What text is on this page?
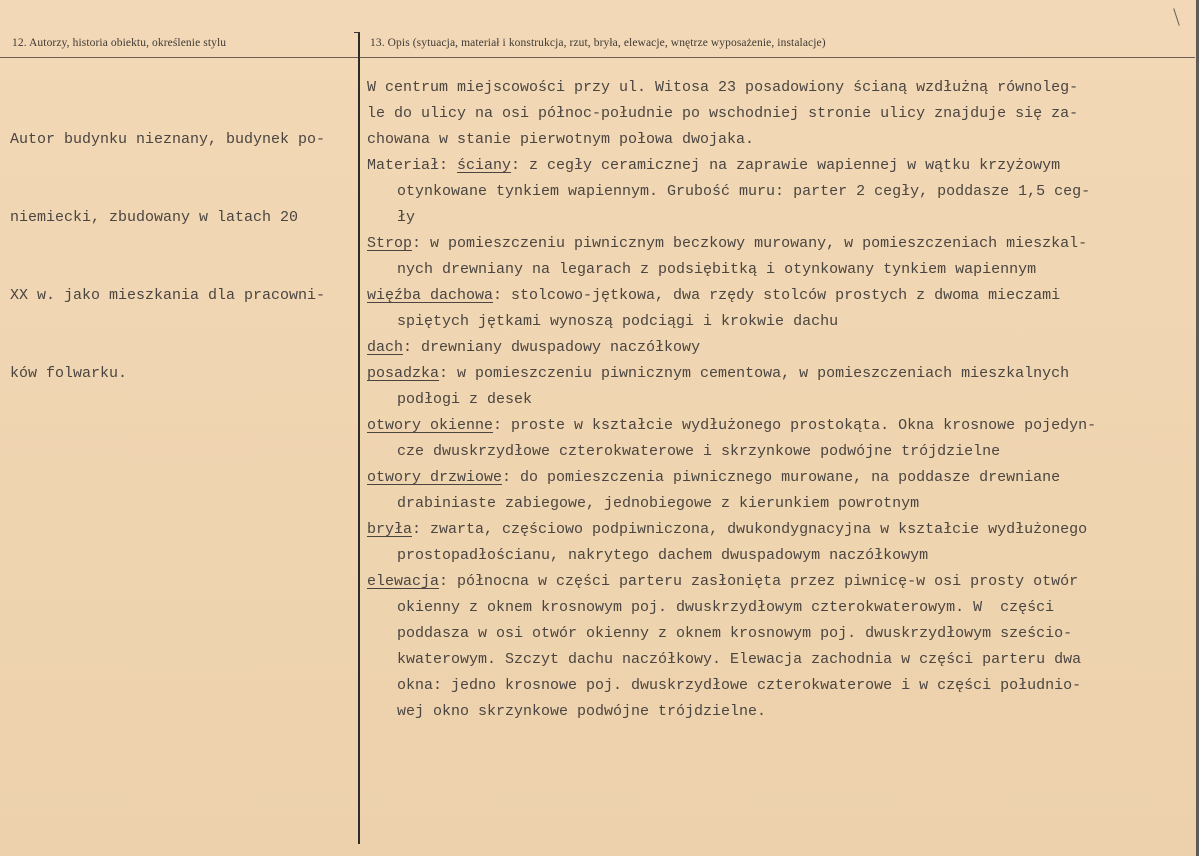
12. Autorzy, historia obiektu, określenie stylu	13. Opis (sytuacja, materiał i konstrukcja, rzut, bryła, elewacje, wnętrze wyposażenie, instalacje)

Autor budynku nieznany, budynek po-

niemiecki, zbudowany w latach 20

XX w. jako mieszkania dla pracowni-

ków folwarku.

W centrum miejscowości przy ul. Witosa 23 posadowiony ścianą wzdłużną równoleg-
le do ulicy na osi północ-południe po wschodniej stronie ulicy znajduje się za-
chowana w stanie pierwotnym połowa dwojaka.
Materiał: ściany: z cegły ceramicznej na zaprawie wapiennej w wątku krzyżowym
otynkowane tynkiem wapiennym. Grubość muru: parter 2 cegły, poddasze 1,5 ceg-
ły
Strop: w pomieszczeniu piwnicznym beczkowy murowany, w pomieszczeniach mieszkal-
nych drewniany na legarach z podsiębitką i otynkowany tynkiem wapiennym
więźba dachowa: stolcowo-jętkowa, dwa rzędy stolców prostych z dwoma mieczami
spiętych jętkami wynoszą podciągi i krokwie dachu
dach: drewniany dwuspadowy naczółkowy
posadzka: w pomieszczeniu piwnicznym cementowa, w pomieszczeniach mieszkalnych
podłogi z desek
otwory okienne: proste w kształcie wydłużonego prostokąta. Okna krosnowe pojedyn-
cze dwuskrzydłowe czterokwaterowe i skrzynkowe podwójne trójdzielne
otwory drzwiowe: do pomieszczenia piwnicznego murowane, na poddasze drewniane
drabiniaste zabiegowe, jednobiegowe z kierunkiem powrotnym
bryła: zwarta, częściowo podpiwniczona, dwukondygnacyjna w kształcie wydłużonego
prostopadłościanu, nakrytego dachem dwuspadowym naczółkowym
elewacja: północna w części parteru zasłonięta przez piwnicę-w osi prosty otwór
okienny z oknem krosnowym poj. dwuskrzydłowym czterokwaterowym. W  części
poddasza w osi otwór okienny z oknem krosnowym poj. dwuskrzydłowym sześcio-
kwaterowym. Szczyt dachu naczółkowy. Elewacja zachodnia w części parteru dwa
okna: jedno krosnowe poj. dwuskrzydłowe czterokwaterowe i w części południo-
wej okno skrzynkowe podwójne trójdzielne.
